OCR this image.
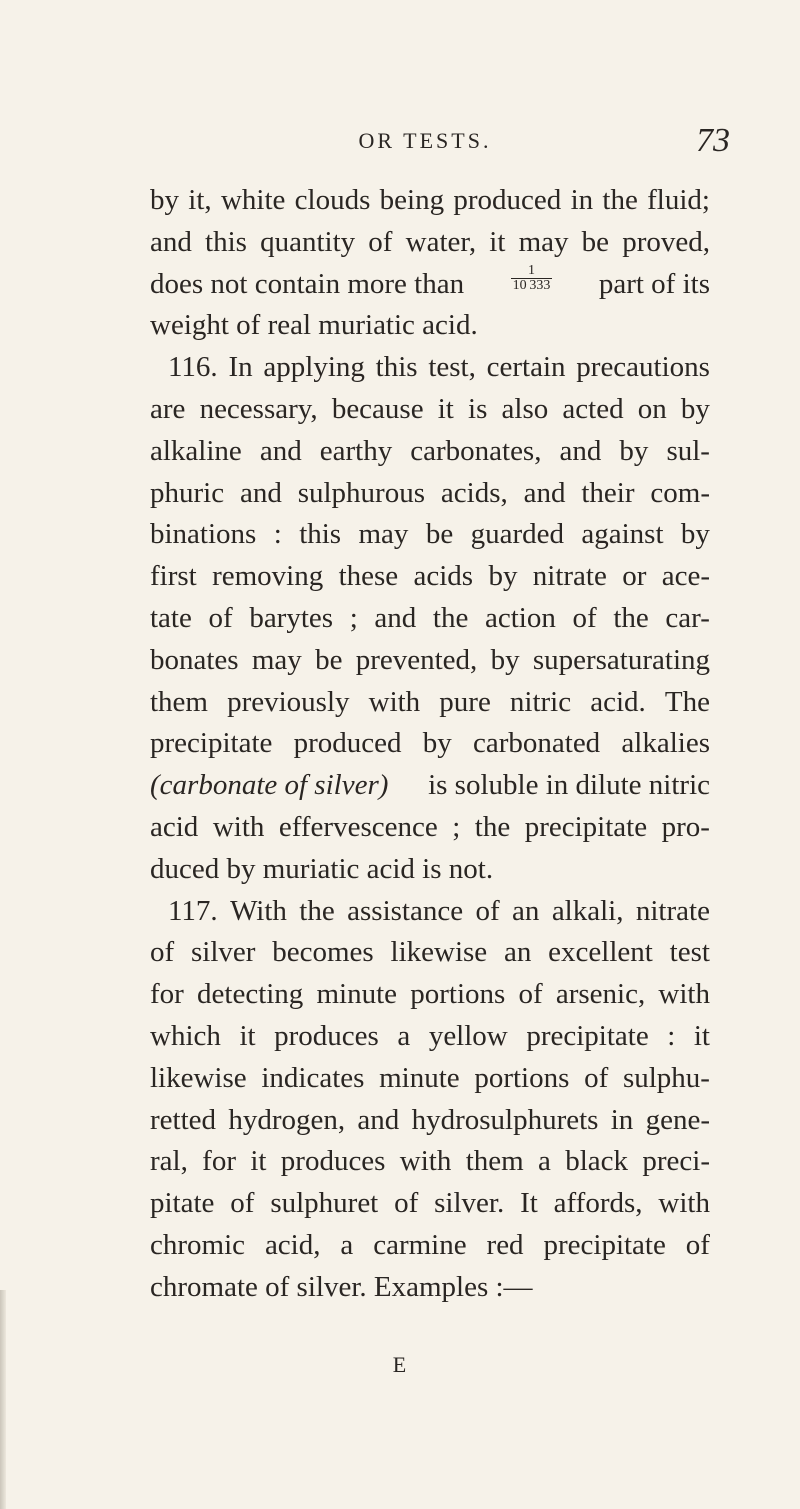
OR TESTS.	73
by it, white clouds being produced in the fluid;
and this quantity of water, it may be proved,
does not contain more than	$\frac{1}{10 333}$ part of its
weight of real muriatic acid.
116. In applying this test, certain precautions
are necessary, because it is also acted on by
alkaline and earthy carbonates, and by sul-
phuric and sulphurous acids, and their com-
binations : this may be guarded against by
first removing these acids by nitrate or ace-
tate of barytes ; and the action of the car-
bonates may be prevented, by supersaturating
them previously with pure nitric acid. The
precipitate produced by carbonated alkalies
(carbonate of silver) is soluble in dilute nitric
acid with effervescence ; the precipitate pro-
duced by muriatic acid is not.
117. With the assistance of an alkali, nitrate
of silver becomes likewise an excellent test
for detecting minute portions of arsenic, with
which it produces a yellow precipitate : it
likewise indicates minute portions of sulphu-
retted hydrogen, and hydrosulphurets in gene-
ral, for it produces with them a black preci-
pitate of sulphuret of silver. It affords, with
chromic acid, a carmine red precipitate of
chromate of silver. Examples :—
E
